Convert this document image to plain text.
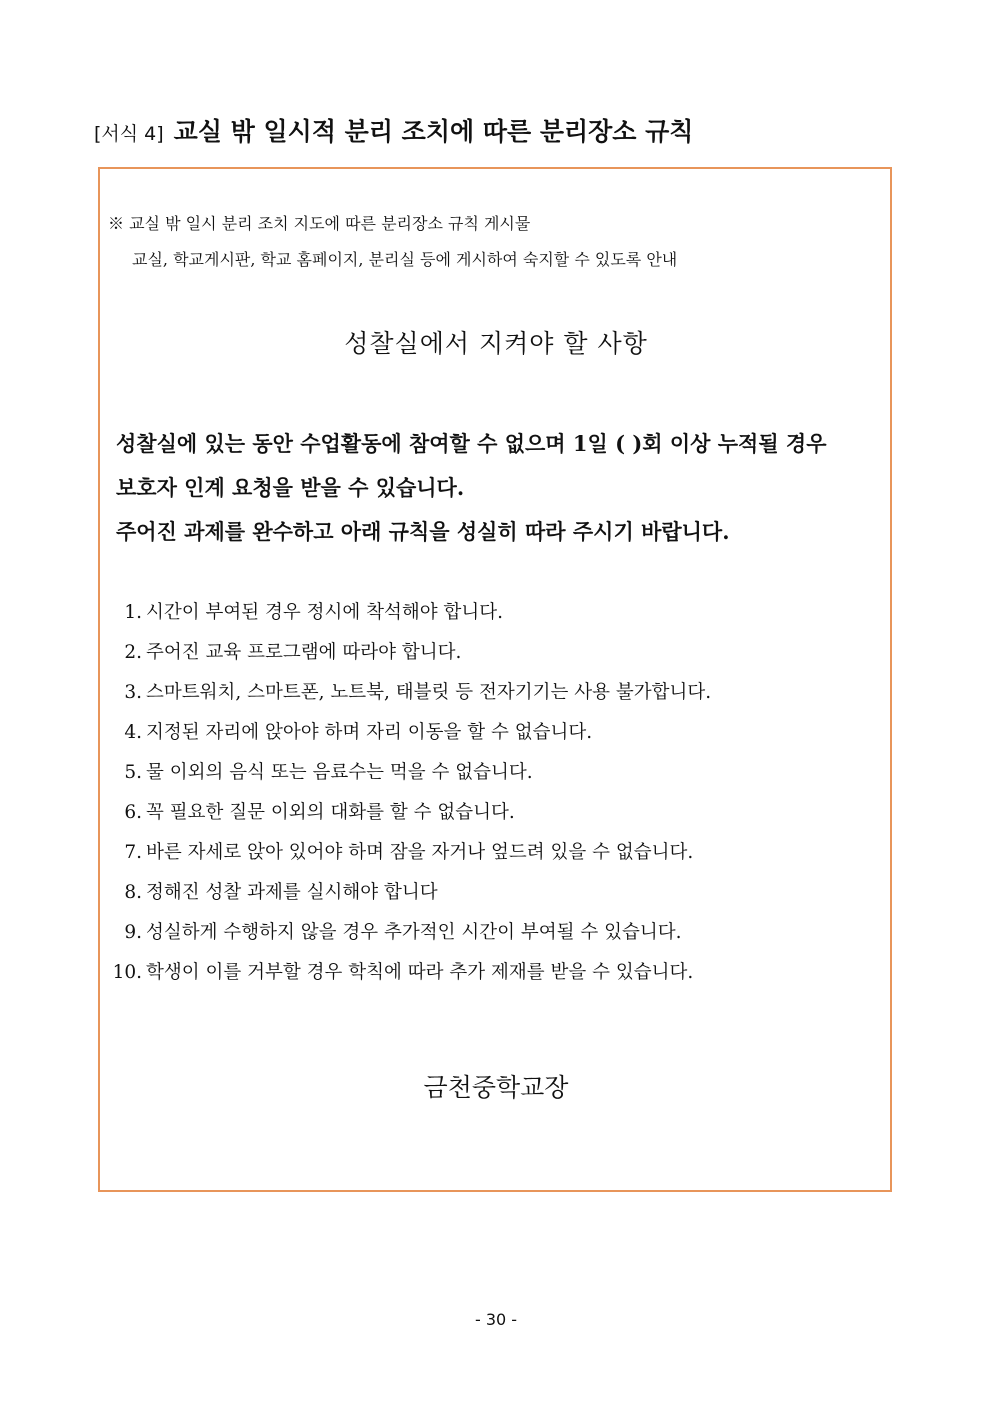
[서식 4] 교실 밖 일시적 분리 조치에 따른 분리장소 규칙
※ 교실 밖 일시 분리 조치 지도에 따른 분리장소 규칙 게시물
교실, 학교게시판, 학교 홈페이지, 분리실 등에 게시하여 숙지할 수 있도록 안내
성찰실에서 지켜야 할 사항
성찰실에 있는 동안 수업활동에 참여할 수 없으며 1일 ( )회 이상 누적될 경우
보호자 인계 요청을 받을 수 있습니다.
주어진 과제를 완수하고 아래 규칙을 성실히 따라 주시기 바랍니다.
1. 시간이 부여된 경우 정시에 착석해야 합니다.
2. 주어진 교육 프로그램에 따라야 합니다.
3. 스마트워치, 스마트폰, 노트북, 태블릿 등 전자기기는 사용 불가합니다.
4. 지정된 자리에 앉아야 하며 자리 이동을 할 수 없습니다.
5. 물 이외의 음식 또는 음료수는 먹을 수 없습니다.
6. 꼭 필요한 질문 이외의 대화를 할 수 없습니다.
7. 바른 자세로 앉아 있어야 하며 잠을 자거나 엎드려 있을 수 없습니다.
8. 정해진 성찰 과제를 실시해야 합니다
9. 성실하게 수행하지 않을 경우 추가적인 시간이 부여될 수 있습니다.
10. 학생이 이를 거부할 경우 학칙에 따라 추가 제재를 받을 수 있습니다.
금천중학교장
- 30 -
